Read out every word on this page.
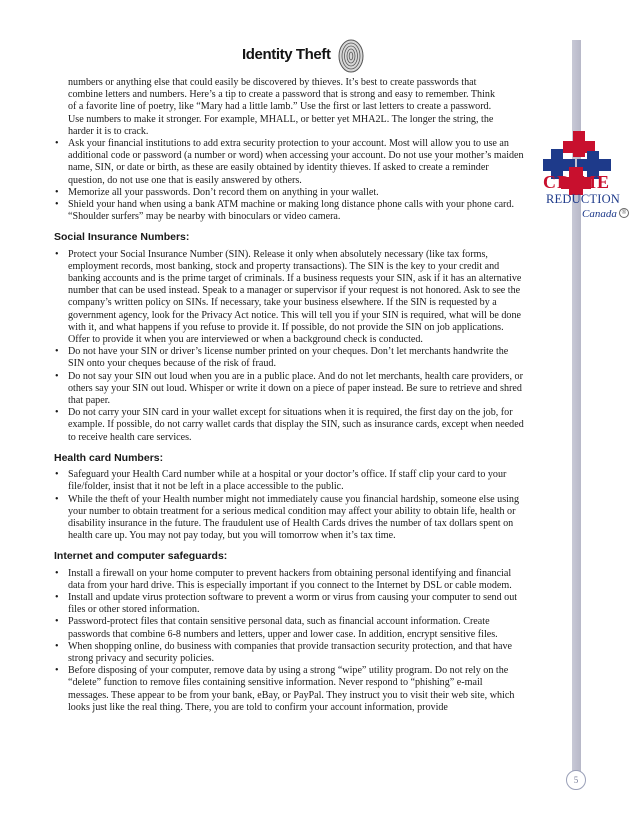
Identity Theft
CRIME
REDUCTION
Canada ®
numbers or anything else that could easily be discovered by thieves. It’s best to create passwords that
combine letters and numbers. Here’s a tip to create a password that is strong and easy to remember. Think
of a favorite line of poetry, like “Mary had a little lamb.” Use the first or last letters to create a password.
Use numbers to make it stronger. For example, MHALL, or better yet MHA2L. The longer the string, the
harder it is to crack.
• Ask your financial institutions to add extra security protection to your account. Most will allow you to use an additional code or password (a number or word) when accessing your account. Do not use your mother’s maiden name, SIN, or date or birth, as these are easily obtained by identity thieves. If asked to create a reminder question, do not use one that is easily answered by others.
• Memorize all your passwords. Don’t record them on anything in your wallet.
• Shield your hand when using a bank ATM machine or making long distance phone calls with your phone card. “Shoulder surfers” may be nearby with binoculars or video camera.
Social Insurance Numbers:
• Protect your Social Insurance Number (SIN). Release it only when absolutely necessary (like tax forms, employment records, most banking, stock and property transactions). The SIN is the key to your credit and banking accounts and is the prime target of criminals. If a business requests your SIN, ask if it has an alternative number that can be used instead. Speak to a manager or supervisor if your request is not honored. Ask to see the company’s written policy on SINs. If necessary, take your business elsewhere. If the SIN is requested by a government agency, look for the Privacy Act notice. This will tell you if your SIN is required, what will be done with it, and what happens if you refuse to provide it. If possible, do not provide the SIN on job applications. Offer to provide it when you are interviewed or when a background check is conducted.
• Do not have your SIN or driver’s license number printed on your cheques. Don’t let merchants handwrite the SIN onto your cheques because of the risk of fraud.
• Do not say your SIN out loud when you are in a public place. And do not let merchants, health care providers, or others say your SIN out loud. Whisper or write it down on a piece of paper instead. Be sure to retrieve and shred that paper.
• Do not carry your SIN card in your wallet except for situations when it is required, the first day on the job, for example. If possible, do not carry wallet cards that display the SIN, such as insurance cards, except when needed to receive health care services.
Health card Numbers:
• Safeguard your Health Card number while at a hospital or your doctor’s office. If staff clip your card to your file/folder, insist that it not be left in a place accessible to the public.
• While the theft of your Health number might not immediately cause you financial hardship, someone else using your number to obtain treatment for a serious medical condition may affect your ability to obtain life, health or disability insurance in the future. The fraudulent use of Health Cards drives the number of tax dollars spent on health care up. You may not pay today, but you will tomorrow when it’s tax time.
Internet and computer safeguards:
• Install a firewall on your home computer to prevent hackers from obtaining personal identifying and financial data from your hard drive. This is especially important if you connect to the Internet by DSL or cable modem.
• Install and update virus protection software to prevent a worm or virus from causing your computer to send out files or other stored information.
• Password-protect files that contain sensitive personal data, such as financial account information. Create passwords that combine 6-8 numbers and letters, upper and lower case. In addition, encrypt sensitive files.
• When shopping online, do business with companies that provide transaction security protection, and that have strong privacy and security policies.
• Before disposing of your computer, remove data by using a strong “wipe” utility program. Do not rely on the “delete” function to remove files containing sensitive information. Never respond to “phishing” e-mail messages. These appear to be from your bank, eBay, or PayPal. They instruct you to visit their web site, which looks just like the real thing. There, you are told to confirm your account information, provide
5
